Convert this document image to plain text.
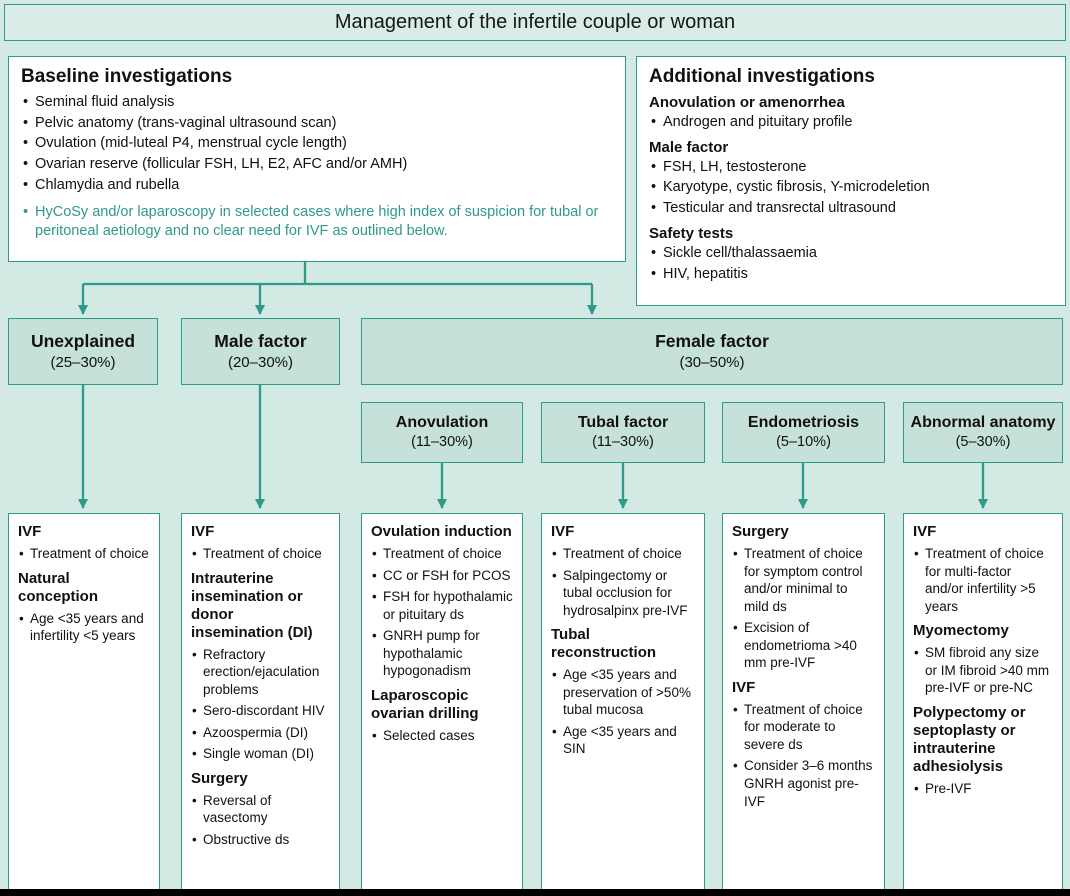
Management of the infertile couple or woman
Baseline investigations
• Seminal fluid analysis
• Pelvic anatomy (trans-vaginal ultrasound scan)
• Ovulation (mid-luteal P4, menstrual cycle length)
• Ovarian reserve (follicular FSH, LH, E2, AFC and/or AMH)
• Chlamydia and rubella
• HyCoSy and/or laparoscopy in selected cases where high index of suspicion for tubal or peritoneal aetiology and no clear need for IVF as outlined below.
Additional investigations
Anovulation or amenorrhea
• Androgen and pituitary profile
Male factor
• FSH, LH, testosterone
• Karyotype, cystic fibrosis, Y-microdeletion
• Testicular and transrectal ultrasound
Safety tests
• Sickle cell/thalassaemia
• HIV, hepatitis
Unexplained
(25–30%)
Male factor
(20–30%)
Female factor
(30–50%)
Anovulation
(11–30%)
Tubal factor
(11–30%)
Endometriosis
(5–10%)
Abnormal anatomy
(5–30%)
IVF
• Treatment of choice
Natural conception
• Age <35 years and infertility <5 years
IVF
• Treatment of choice
Intrauterine insemination or donor insemination (DI)
• Refractory erection/ejaculation problems
• Sero-discordant HIV
• Azoospermia (DI)
• Single woman (DI)
Surgery
• Reversal of vasectomy
• Obstructive ds
Ovulation induction
• Treatment of choice
• CC or FSH for PCOS
• FSH for hypothalamic or pituitary ds
• GNRH pump for hypothalamic hypogonadism
Laparoscopic ovarian drilling
• Selected cases
IVF
• Treatment of choice
• Salpingectomy or tubal occlusion for hydrosalpinx pre-IVF
Tubal reconstruction
• Age <35 years and preservation of >50% tubal mucosa
• Age <35 years and SIN
Surgery
• Treatment of choice for symptom control and/or minimal to mild ds
• Excision of endometrioma >40 mm pre-IVF
IVF
• Treatment of choice for moderate to severe ds
• Consider 3–6 months GNRH agonist pre-IVF
IVF
• Treatment of choice for multi-factor and/or infertility >5 years
Myomectomy
• SM fibroid any size or IM fibroid >40 mm pre-IVF or pre-NC
Polypectomy or septoplasty or intrauterine adhesiolysis
• Pre-IVF
